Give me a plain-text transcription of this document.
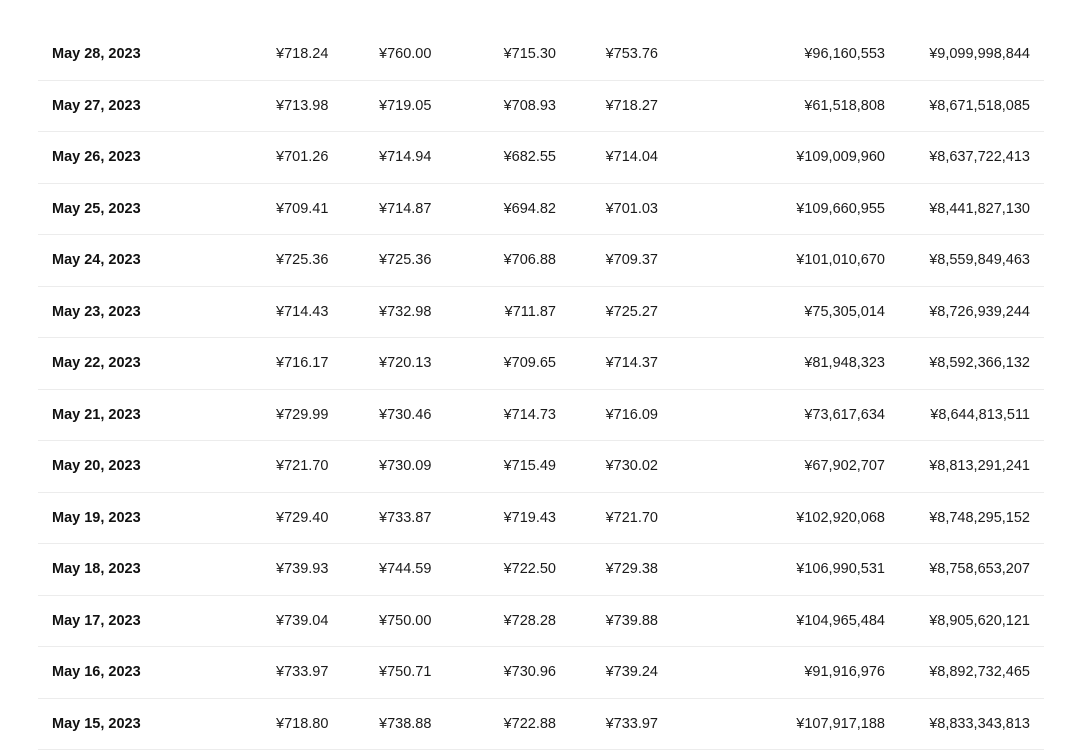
May 28, 2023	¥718.24	¥760.00	¥715.30	¥753.76	¥96,160,553	¥9,099,998,844
May 27, 2023	¥713.98	¥719.05	¥708.93	¥718.27	¥61,518,808	¥8,671,518,085
May 26, 2023	¥701.26	¥714.94	¥682.55	¥714.04	¥109,009,960	¥8,637,722,413
May 25, 2023	¥709.41	¥714.87	¥694.82	¥701.03	¥109,660,955	¥8,441,827,130
May 24, 2023	¥725.36	¥725.36	¥706.88	¥709.37	¥101,010,670	¥8,559,849,463
May 23, 2023	¥714.43	¥732.98	¥711.87	¥725.27	¥75,305,014	¥8,726,939,244
May 22, 2023	¥716.17	¥720.13	¥709.65	¥714.37	¥81,948,323	¥8,592,366,132
May 21, 2023	¥729.99	¥730.46	¥714.73	¥716.09	¥73,617,634	¥8,644,813,511
May 20, 2023	¥721.70	¥730.09	¥715.49	¥730.02	¥67,902,707	¥8,813,291,241
May 19, 2023	¥729.40	¥733.87	¥719.43	¥721.70	¥102,920,068	¥8,748,295,152
May 18, 2023	¥739.93	¥744.59	¥722.50	¥729.38	¥106,990,531	¥8,758,653,207
May 17, 2023	¥739.04	¥750.00	¥728.28	¥739.88	¥104,965,484	¥8,905,620,121
May 16, 2023	¥733.97	¥750.71	¥730.96	¥739.24	¥91,916,976	¥8,892,732,465
May 15, 2023	¥718.80	¥738.88	¥722.88	¥733.97	¥107,917,188	¥8,833,343,813
